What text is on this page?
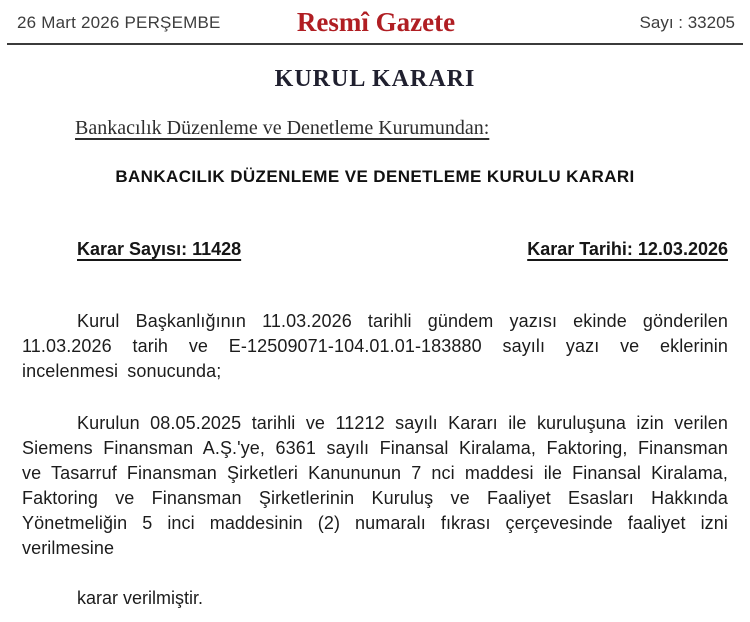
26 Mart 2026 PERŞEMBE	Resmî Gazete	Sayı : 33205
KURUL KARARI

Bankacılık Düzenleme ve Denetleme Kurumundan:

BANKACILIK DÜZENLEME VE DENETLEME KURULU KARARI
Karar Sayısı: 11428	Karar Tarihi: 12.03.2026

Kurul Başkanlığının 11.03.2026 tarihli gündem yazısı ekinde gönderilen 11.03.2026 tarih ve E-12509071-104.01.01-183880 sayılı yazı ve eklerinin incelenmesi sonucunda;

Kurulun 08.05.2025 tarihli ve 11212 sayılı Kararı ile kuruluşuna izin verilen Siemens Finansman A.Ş.'ye, 6361 sayılı Finansal Kiralama, Faktoring, Finansman ve Tasarruf Finansman Şirketleri Kanununun 7 nci maddesi ile Finansal Kiralama, Faktoring ve Finansman Şirketlerinin Kuruluş ve Faaliyet Esasları Hakkında Yönetmeliğin 5 inci maddesinin (2) numaralı fıkrası çerçevesinde faaliyet izni verilmesine

karar verilmiştir.
